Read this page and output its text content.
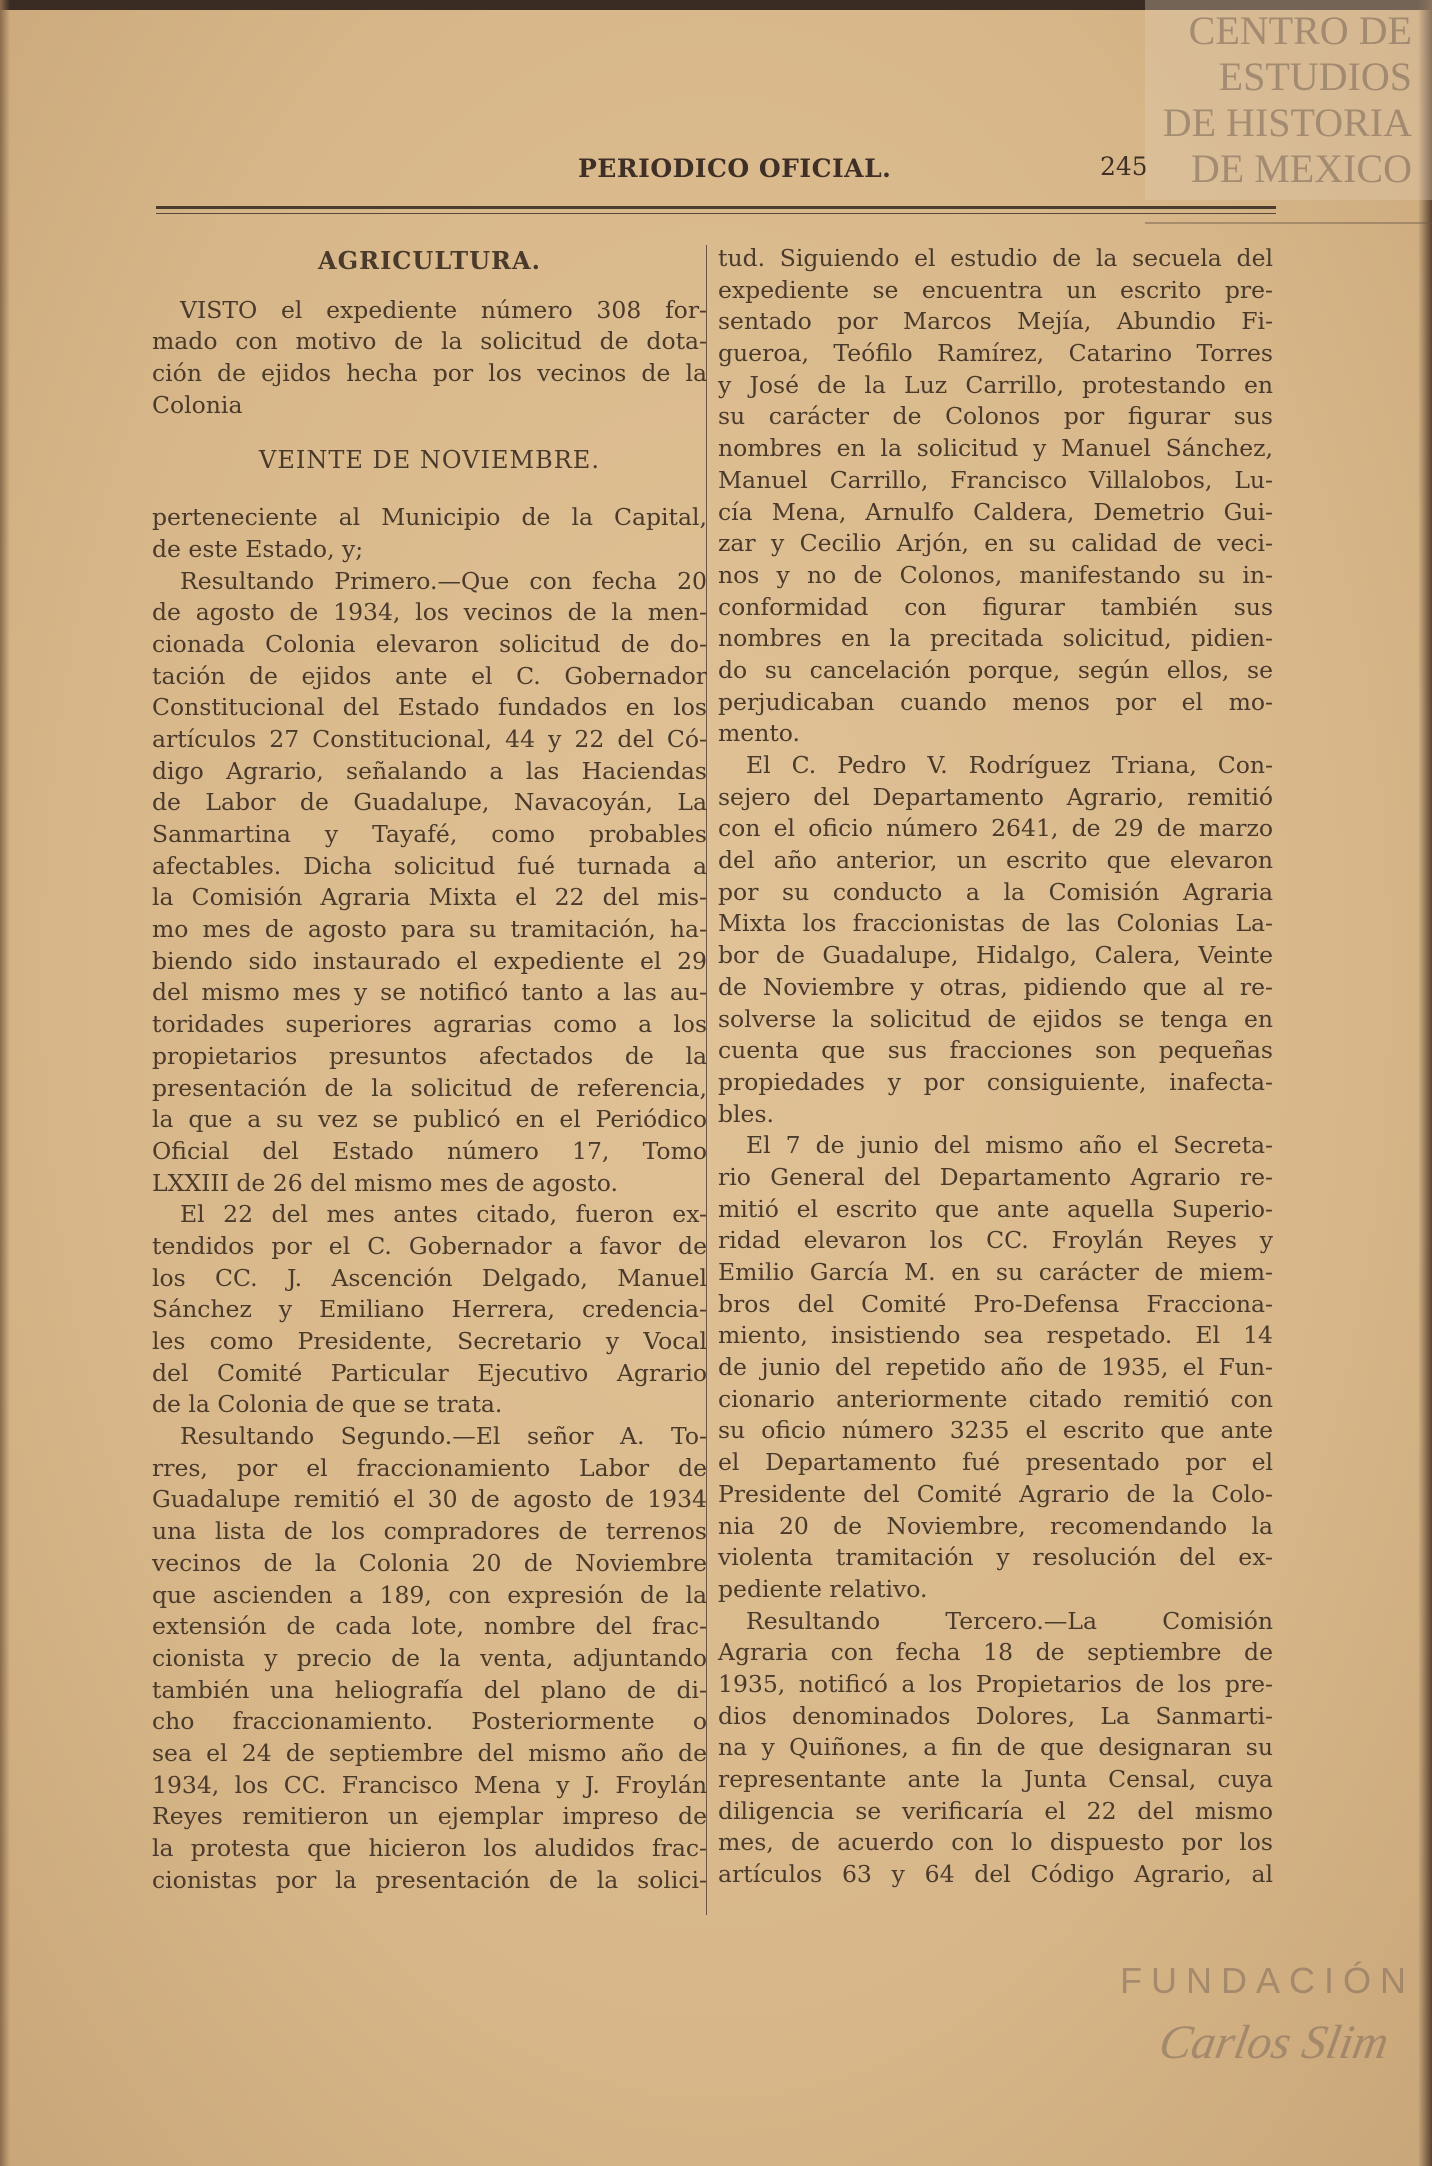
PERIODICO OFICIAL.	245
AGRICULTURA.
VISTO el expediente número 308 for-
mado con motivo de la solicitud de dota-
ción de ejidos hecha por los vecinos de la
Colonia
VEINTE DE NOVIEMBRE.
perteneciente al Municipio de la Capital,
de este Estado, y;
Resultando Primero.—Que con fecha 20
de agosto de 1934, los vecinos de la men-
cionada Colonia elevaron solicitud de do-
tación de ejidos ante el C. Gobernador
Constitucional del Estado fundados en los
artículos 27 Constitucional, 44 y 22 del Có-
digo Agrario, señalando a las Haciendas
de Labor de Guadalupe, Navacoyán, La
Sanmartina y Tayafé, como probables
afectables. Dicha solicitud fué turnada a
la Comisión Agraria Mixta el 22 del mis-
mo mes de agosto para su tramitación, ha-
biendo sido instaurado el expediente el 29
del mismo mes y se notificó tanto a las au-
toridades superiores agrarias como a los
propietarios presuntos afectados de la
presentación de la solicitud de referencia,
la que a su vez se publicó en el Periódico
Oficial del Estado número 17, Tomo
LXXIII de 26 del mismo mes de agosto.
El 22 del mes antes citado, fueron ex-
tendidos por el C. Gobernador a favor de
los CC. J. Ascención Delgado, Manuel
Sánchez y Emiliano Herrera, credencia-
les como Presidente, Secretario y Vocal
del Comité Particular Ejecutivo Agrario
de la Colonia de que se trata.
Resultando Segundo.—El señor A. To-
rres, por el fraccionamiento Labor de
Guadalupe remitió el 30 de agosto de 1934
una lista de los compradores de terrenos
vecinos de la Colonia 20 de Noviembre
que ascienden a 189, con expresión de la
extensión de cada lote, nombre del frac-
cionista y precio de la venta, adjuntando
también una heliografía del plano de di-
cho fraccionamiento. Posteriormente o
sea el 24 de septiembre del mismo año de
1934, los CC. Francisco Mena y J. Froylán
Reyes remitieron un ejemplar impreso de
la protesta que hicieron los aludidos frac-
cionistas por la presentación de la solici-
tud. Siguiendo el estudio de la secuela del
expediente se encuentra un escrito pre-
sentado por Marcos Mejía, Abundio Fi-
gueroa, Teófilo Ramírez, Catarino Torres
y José de la Luz Carrillo, protestando en
su carácter de Colonos por figurar sus
nombres en la solicitud y Manuel Sánchez,
Manuel Carrillo, Francisco Villalobos, Lu-
cía Mena, Arnulfo Caldera, Demetrio Gui-
zar y Cecilio Arjón, en su calidad de veci-
nos y no de Colonos, manifestando su in-
conformidad con figurar también sus
nombres en la precitada solicitud, pidien-
do su cancelación porque, según ellos, se
perjudicaban cuando menos por el mo-
mento.
El C. Pedro V. Rodríguez Triana, Con-
sejero del Departamento Agrario, remitió
con el oficio número 2641, de 29 de marzo
del año anterior, un escrito que elevaron
por su conducto a la Comisión Agraria
Mixta los fraccionistas de las Colonias La-
bor de Guadalupe, Hidalgo, Calera, Veinte
de Noviembre y otras, pidiendo que al re-
solverse la solicitud de ejidos se tenga en
cuenta que sus fracciones son pequeñas
propiedades y por consiguiente, inafecta-
bles.
El 7 de junio del mismo año el Secreta-
rio General del Departamento Agrario re-
mitió el escrito que ante aquella Superio-
ridad elevaron los CC. Froylán Reyes y
Emilio García M. en su carácter de miem-
bros del Comité Pro-Defensa Fracciona-
miento, insistiendo sea respetado. El 14
de junio del repetido año de 1935, el Fun-
cionario anteriormente citado remitió con
su oficio número 3235 el escrito que ante
el Departamento fué presentado por el
Presidente del Comité Agrario de la Colo-
nia 20 de Noviembre, recomendando la
violenta tramitación y resolución del ex-
pediente relativo.
Resultando Tercero.—La Comisión
Agraria con fecha 18 de septiembre de
1935, notificó a los Propietarios de los pre-
dios denominados Dolores, La Sanmarti-
na y Quiñones, a fin de que designaran su
representante ante la Junta Censal, cuya
diligencia se verificaría el 22 del mismo
mes, de acuerdo con lo dispuesto por los
artículos 63 y 64 del Código Agrario, al
CENTRO DE
ESTUDIOS
DE HISTORIA
DE MEXICO
FUNDACIÓN
Carlos Slim
